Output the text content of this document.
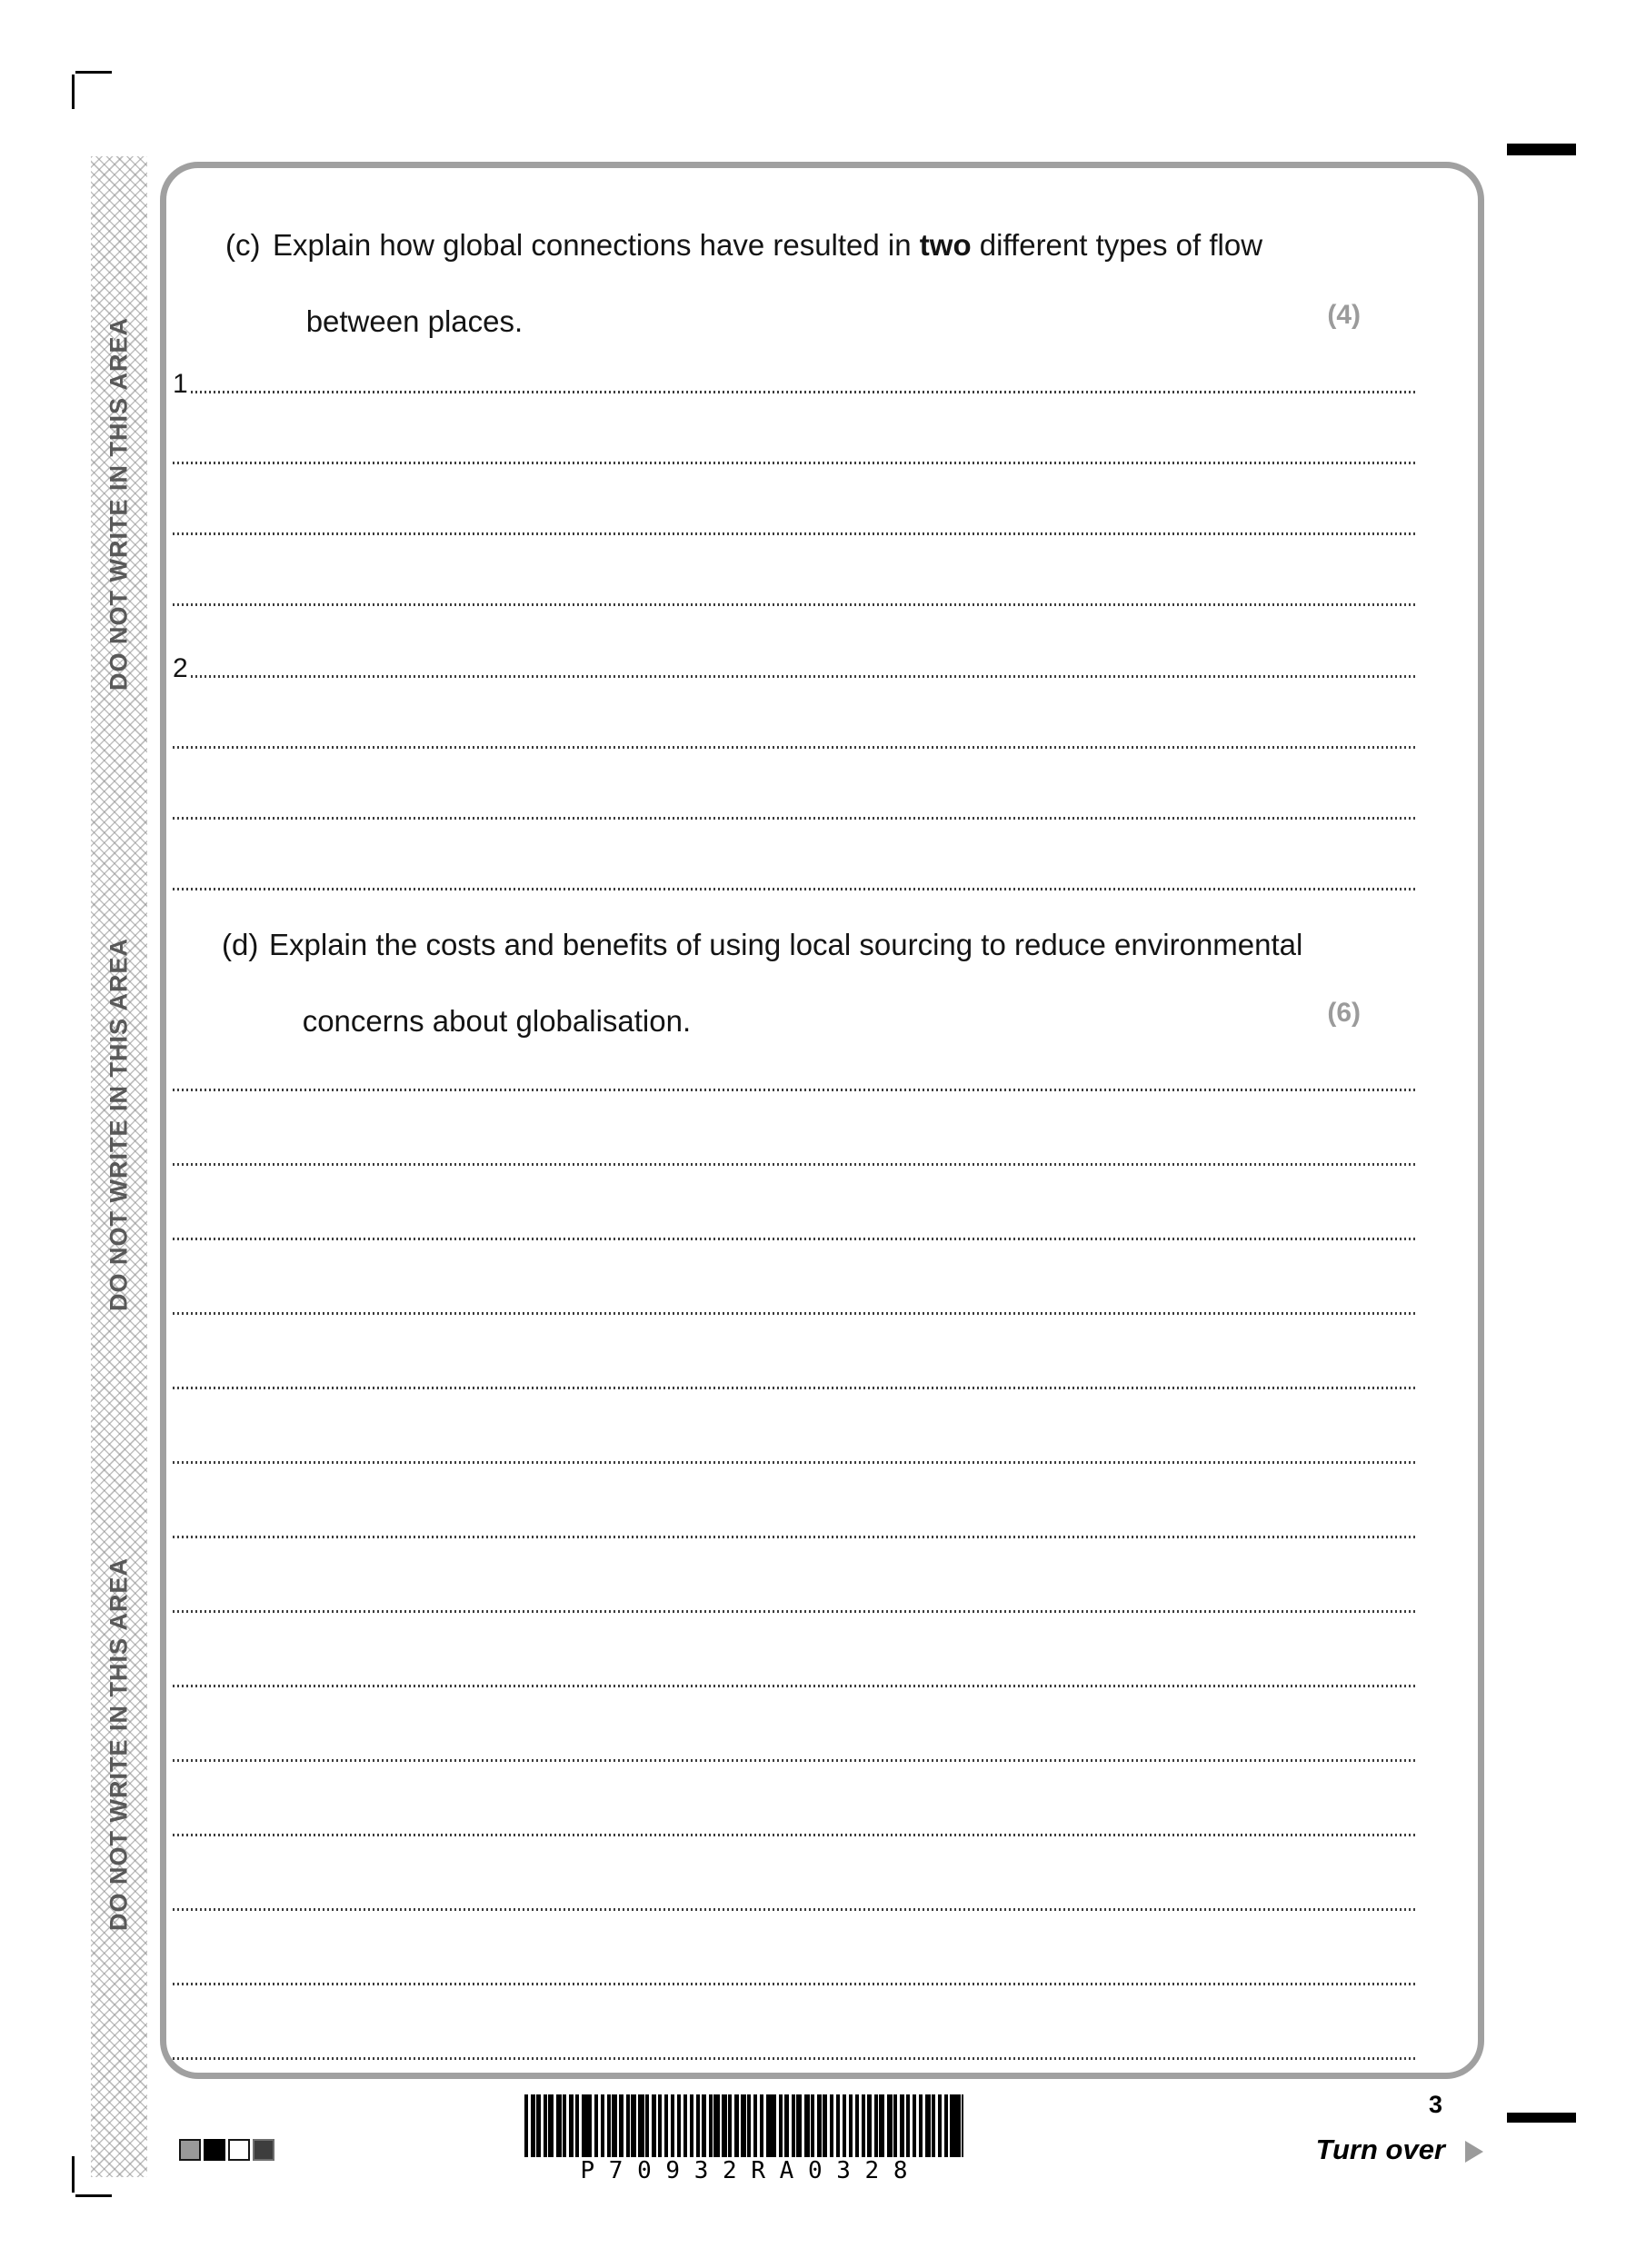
DO NOT WRITE IN THIS AREA
DO NOT WRITE IN THIS AREA
DO NOT WRITE IN THIS AREA
(c) Explain how global connections have resulted in two different types of flow

between places.	(4)
1
2
(d) Explain the costs and benefits of using local sourcing to reduce environmental

concerns about globalisation.	(6)
P 7 0 9 3 2 R A 0 3 2 8
3
Turn over
